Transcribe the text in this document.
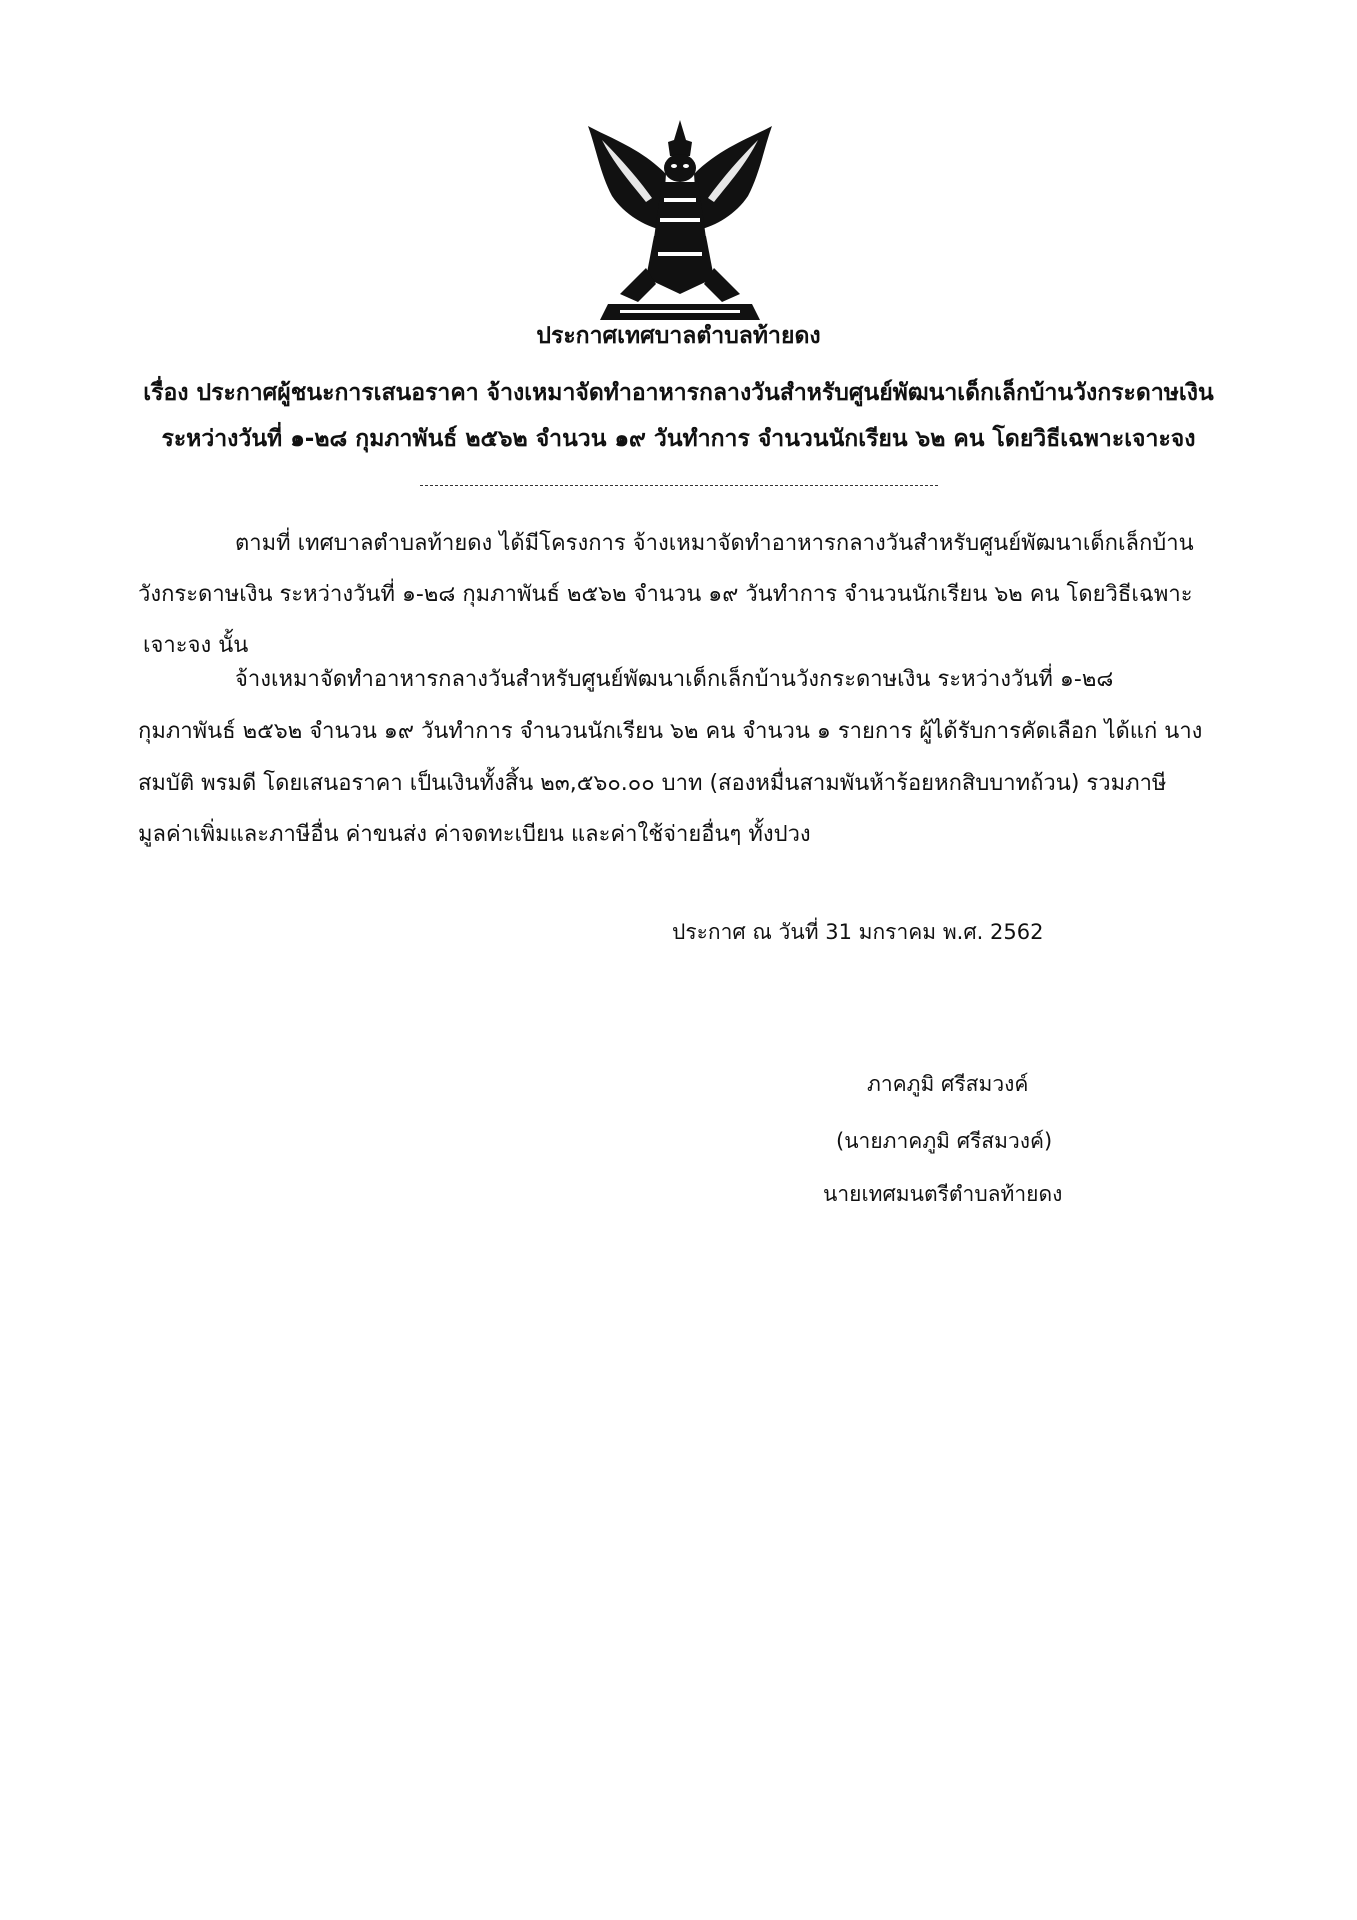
ประกาศเทศบาลตำบลท้ายดง
เรื่อง ประกาศผู้ชนะการเสนอราคา จ้างเหมาจัดทำอาหารกลางวันสำหรับศูนย์พัฒนาเด็กเล็กบ้านวังกระดาษเงิน
ระหว่างวันที่ ๑-๒๘ กุมภาพันธ์ ๒๕๖๒ จำนวน ๑๙ วันทำการ จำนวนนักเรียน ๖๒ คน โดยวิธีเฉพาะเจาะจง
ตามที่ เทศบาลตำบลท้ายดง ได้มีโครงการ จ้างเหมาจัดทำอาหารกลางวันสำหรับศูนย์พัฒนาเด็กเล็กบ้าน
วังกระดาษเงิน ระหว่างวันที่ ๑-๒๘ กุมภาพันธ์ ๒๕๖๒ จำนวน ๑๙ วันทำการ จำนวนนักเรียน ๖๒ คน โดยวิธีเฉพาะ
เจาะจง นั้น
จ้างเหมาจัดทำอาหารกลางวันสำหรับศูนย์พัฒนาเด็กเล็กบ้านวังกระดาษเงิน ระหว่างวันที่ ๑-๒๘
กุมภาพันธ์ ๒๕๖๒ จำนวน ๑๙ วันทำการ จำนวนนักเรียน ๖๒ คน จำนวน ๑ รายการ ผู้ได้รับการคัดเลือก ได้แก่ นาง
สมบัติ พรมดี โดยเสนอราคา เป็นเงินทั้งสิ้น ๒๓,๕๖๐.๐๐ บาท (สองหมื่นสามพันห้าร้อยหกสิบบาทถ้วน) รวมภาษี
มูลค่าเพิ่มและภาษีอื่น ค่าขนส่ง ค่าจดทะเบียน และค่าใช้จ่ายอื่นๆ ทั้งปวง
ประกาศ ณ วันที่ 31 มกราคม พ.ศ. 2562
ภาคภูมิ ศรีสมวงค์
(นายภาคภูมิ ศรีสมวงค์)
นายเทศมนตรีตำบลท้ายดง
